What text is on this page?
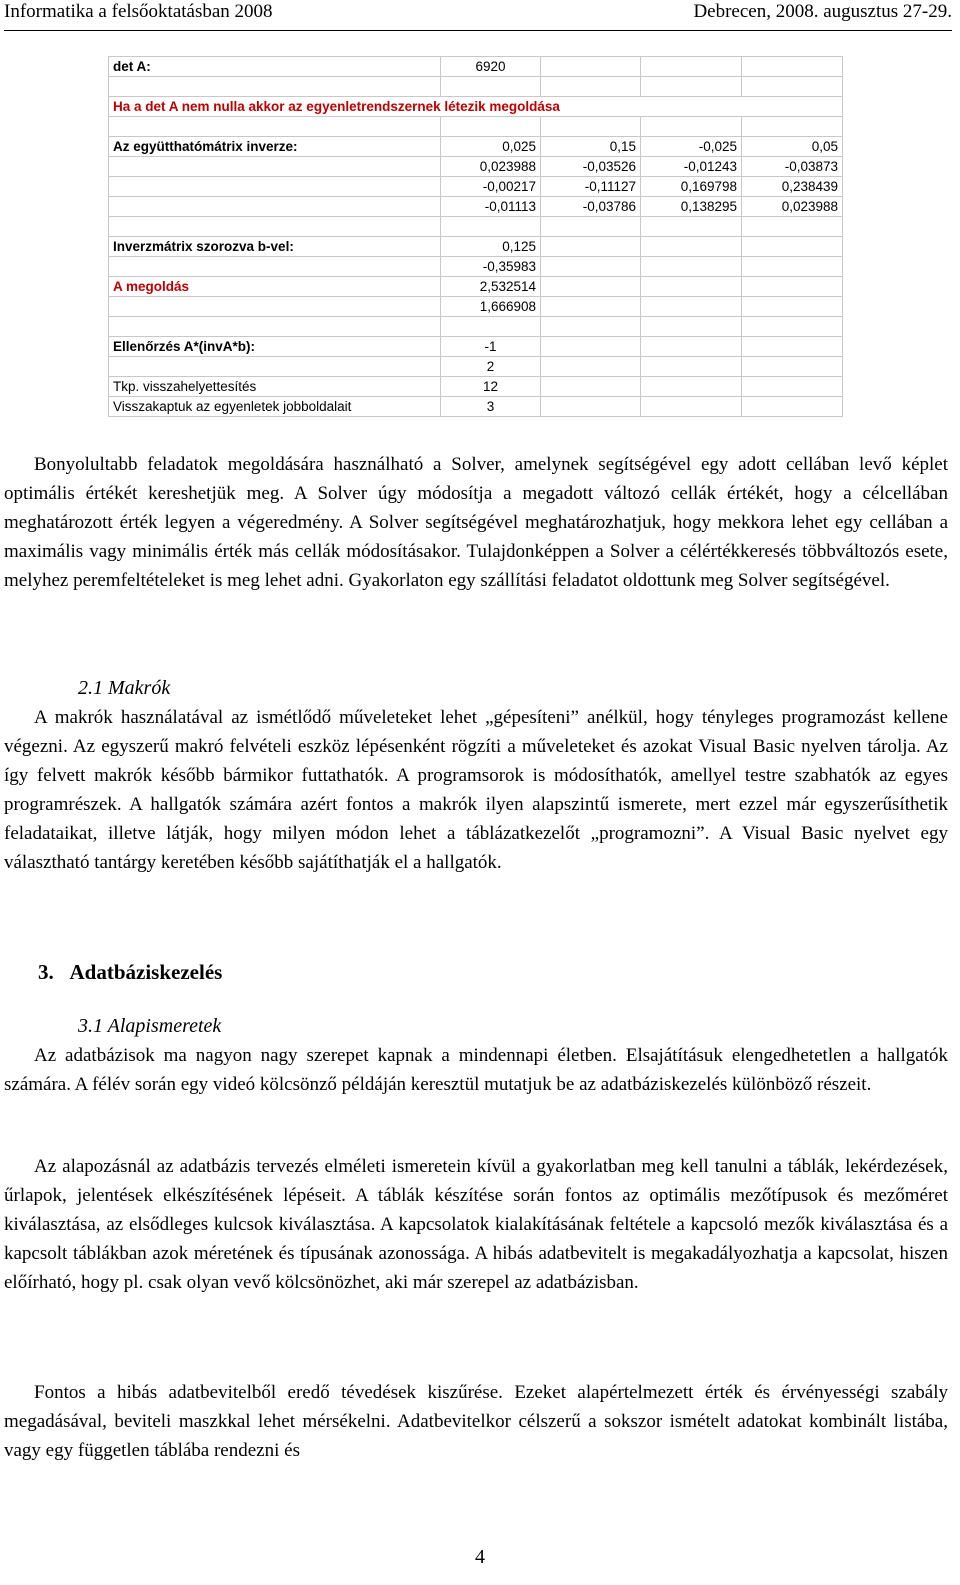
Informatika a felsőoktatásban 2008	Debrecen, 2008. augusztus 27-29.
det A:	6920			

Ha a det A nem nulla akkor az egyenletrendszernek létezik megoldása				

Az együtthatómátrix inverze:	0,025	0,15	-0,025	0,05
	0,023988	-0,03526	-0,01243	-0,03873
	-0,00217	-0,11127	0,169798	0,238439
	-0,01113	-0,03786	0,138295	0,023988

Inverzmátrix szorozva b-vel:	0,125			
	-0,35983			
A megoldás	2,532514			
	1,666908			

Ellenőrzés A*(invA*b):	-1			
	2			
Tkp. visszahelyettesítés	12			
Visszakaptuk az egyenletek jobboldalait	3			

Bonyolultabb feladatok megoldására használható a Solver, amelynek segítségével egy adott cellában levő képlet optimális értékét kereshetjük meg. A Solver úgy módosítja a megadott változó cellák értékét, hogy a célcellában meghatározott érték legyen a végeredmény. A Solver segítségével meghatározhatjuk, hogy mekkora lehet egy cellában a maximális vagy minimális érték más cellák módosításakor. Tulajdonképpen a Solver a célértékkeresés többváltozós esete, melyhez peremfeltételeket is meg lehet adni. Gyakorlaton egy szállítási feladatot oldottunk meg Solver segítségével.

2.1 Makrók

A makrók használatával az ismétlődő műveleteket lehet „gépesíteni” anélkül, hogy tényleges programozást kellene végezni. Az egyszerű makró felvételi eszköz lépésenként rögzíti a műveleteket és azokat Visual Basic nyelven tárolja. Az így felvett makrók később bármikor futtathatók. A programsorok is módosíthatók, amellyel testre szabhatók az egyes programrészek. A hallgatók számára azért fontos a makrók ilyen alapszintű ismerete, mert ezzel már egyszerűsíthetik feladataikat, illetve látják, hogy milyen módon lehet a táblázatkezelőt „programozni”. A Visual Basic nyelvet egy választható tantárgy keretében később sajátíthatják el a hallgatók.

3.   Adatbáziskezelés
3.1 Alapismeretek

Az adatbázisok ma nagyon nagy szerepet kapnak a mindennapi életben. Elsajátításuk elengedhetetlen a hallgatók számára. A félév során egy videó kölcsönző példáján keresztül mutatjuk be az adatbáziskezelés különböző részeit.

Az alapozásnál az adatbázis tervezés elméleti ismeretein kívül a gyakorlatban meg kell tanulni a táblák, lekérdezések, űrlapok, jelentések elkészítésének lépéseit. A táblák készítése során fontos az optimális mezőtípusok és mezőméret kiválasztása, az elsődleges kulcsok kiválasztása. A kapcsolatok kialakításának feltétele a kapcsoló mezők kiválasztása és a kapcsolt táblákban azok méretének és típusának azonossága. A hibás adatbevitelt is megakadályozhatja a kapcsolat, hiszen előírható, hogy pl. csak olyan vevő kölcsönözhet, aki már szerepel az adatbázisban.

Fontos a hibás adatbevitelből eredő tévedések kiszűrése. Ezeket alapértelmezett érték és érvényességi szabály megadásával, beviteli maszkkal lehet mérsékelni. Adatbevitelkor célszerű a sokszor ismételt adatokat kombinált listába, vagy egy független táblába rendezni és

4
